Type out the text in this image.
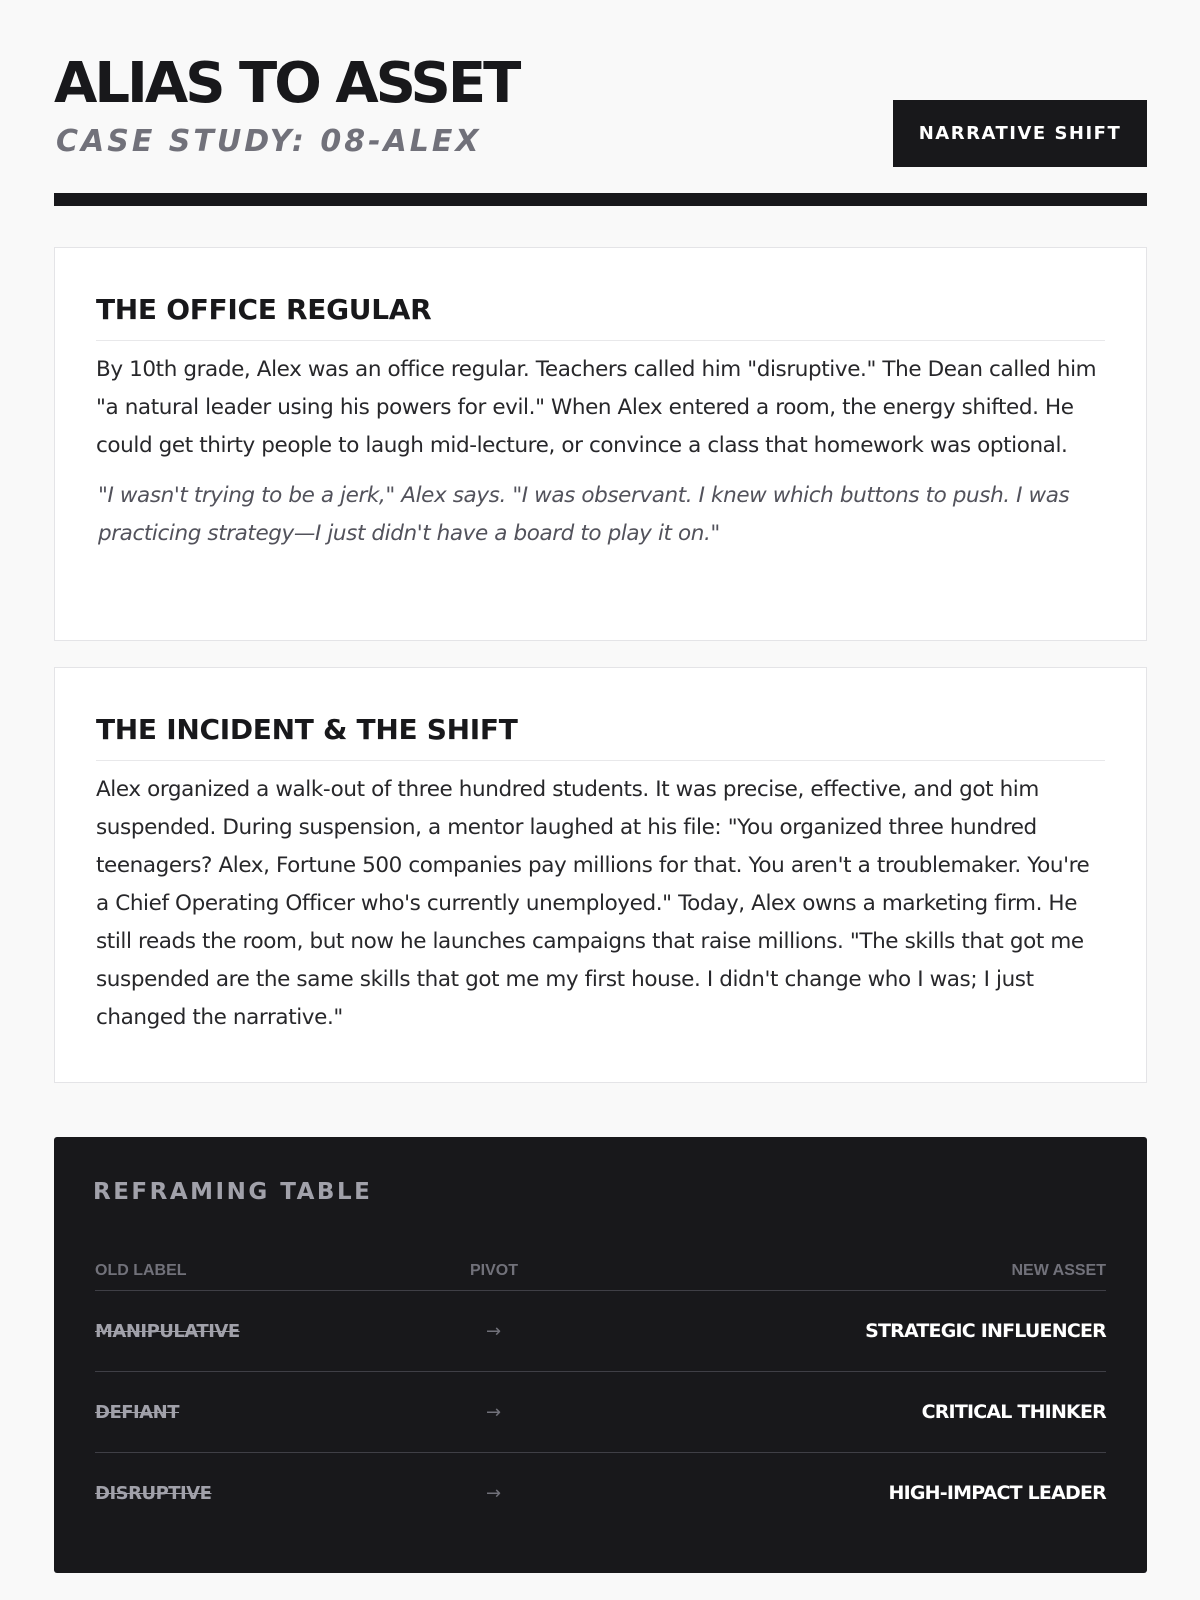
ALIAS TO ASSET
CASE STUDY: 08-ALEX	NARRATIVE SHIFT
THE OFFICE REGULAR

By 10th grade, Alex was an office regular. Teachers called him "disruptive." The Dean called him "a natural leader using his powers for evil." When Alex entered a room, the energy shifted. He could get thirty people to laugh mid-lecture, or convince a class that homework was optional.

"I wasn't trying to be a jerk," Alex says. "I was observant. I knew which buttons to push. I was practicing strategy—I just didn't have a board to play it on."

THE INCIDENT & THE SHIFT

Alex organized a walk-out of three hundred students. It was precise, effective, and got him suspended. During suspension, a mentor laughed at his file: "You organized three hundred teenagers? Alex, Fortune 500 companies pay millions for that. You aren't a troublemaker. You're a Chief Operating Officer who's currently unemployed." Today, Alex owns a marketing firm. He still reads the room, but now he launches campaigns that raise millions. "The skills that got me suspended are the same skills that got me my first house. I didn't change who I was; I just changed the narrative."

REFRAMING TABLE
OLD LABEL	PIVOT	NEW ASSET
MANIPULATIVE	→	STRATEGIC INFLUENCER
DEFIANT	→	CRITICAL THINKER
DISRUPTIVE	→	HIGH-IMPACT LEADER
